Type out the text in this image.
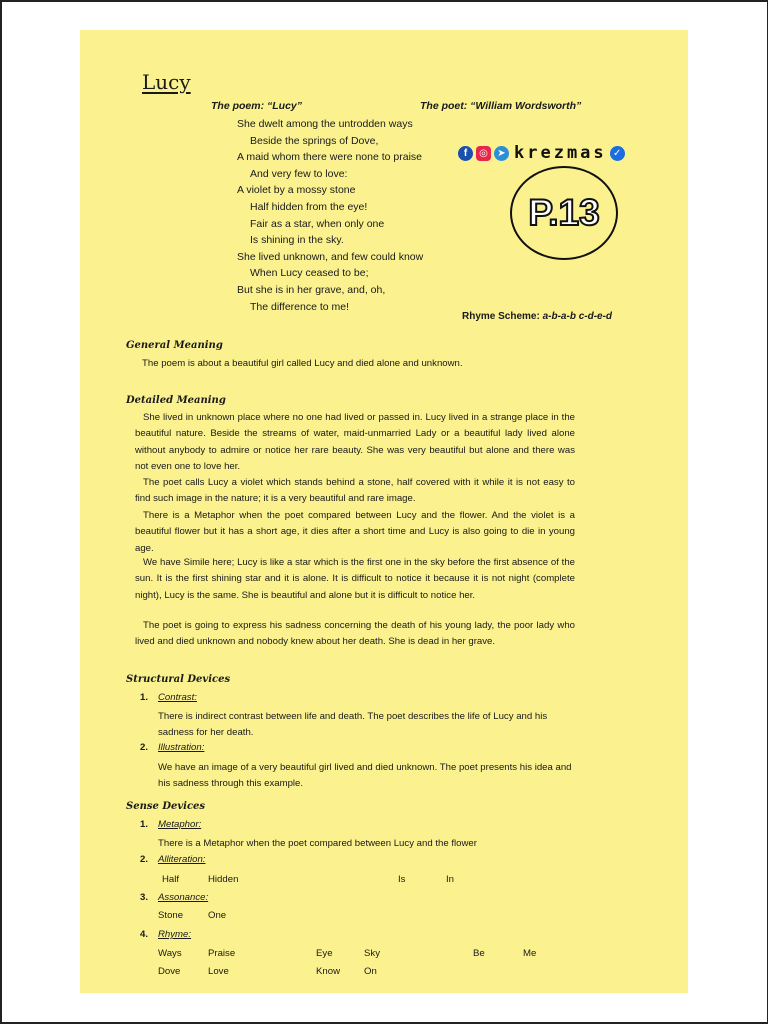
Lucy
The poem: “Lucy”	The poet: “William Wordsworth”
She dwelt among the untrodden ways
Beside the springs of Dove,
A maid whom there were none to praise
And very few to love:
A violet by a mossy stone
Half hidden from the eye!
Fair as a star, when only one
Is shining in the sky.
She lived unknown, and few could know
When Lucy ceased to be;
But she is in her grave, and, oh,
The difference to me!
f	◎ ➤ krezmas ✓
P.13
Rhyme Scheme: a-b-a-b c-d-e-d
General Meaning
The poem is about a beautiful girl called Lucy and died alone and unknown.
Detailed Meaning
She lived in unknown place where no one had lived or passed in. Lucy lived in a strange place in the beautiful nature. Beside the streams of water, maid-unmarried Lady or a beautiful lady lived alone without anybody to admire or notice her rare beauty. She was very beautiful but alone and there was not even one to love her.
The poet calls Lucy a violet which stands behind a stone, half covered with it while it is not easy to find such image in the nature; it is a very beautiful and rare image.
There is a Metaphor when the poet compared between Lucy and the flower. And the violet is a beautiful flower but it has a short age, it dies after a short time and Lucy is also going to die in young age.
We have Simile here; Lucy is like a star which is the first one in the sky before the first absence of the sun. It is the first shining star and it is alone. It is difficult to notice it because it is not night (complete night), Lucy is the same. She is beautiful and alone but it is difficult to notice her.
The poet is going to express his sadness concerning the death of his young lady, the poor lady who lived and died unknown and nobody knew about her death. She is dead in her grave.
Structural Devices
1. Contrast:
There is indirect contrast between life and death. The poet describes the life of Lucy and his sadness for her death.
2. Illustration:
We have an image of a very beautiful girl lived and died unknown. The poet presents his idea and his sadness through this example.
Sense Devices
1. Metaphor:
There is a Metaphor when the poet compared between Lucy and the flower
2. Alliteration:
Half	Hidden	Is	In
3. Assonance:
Stone	One
4. Rhyme:
Ways	Praise	Eye	Sky	Be	Me
Dove	Love	Know	On
